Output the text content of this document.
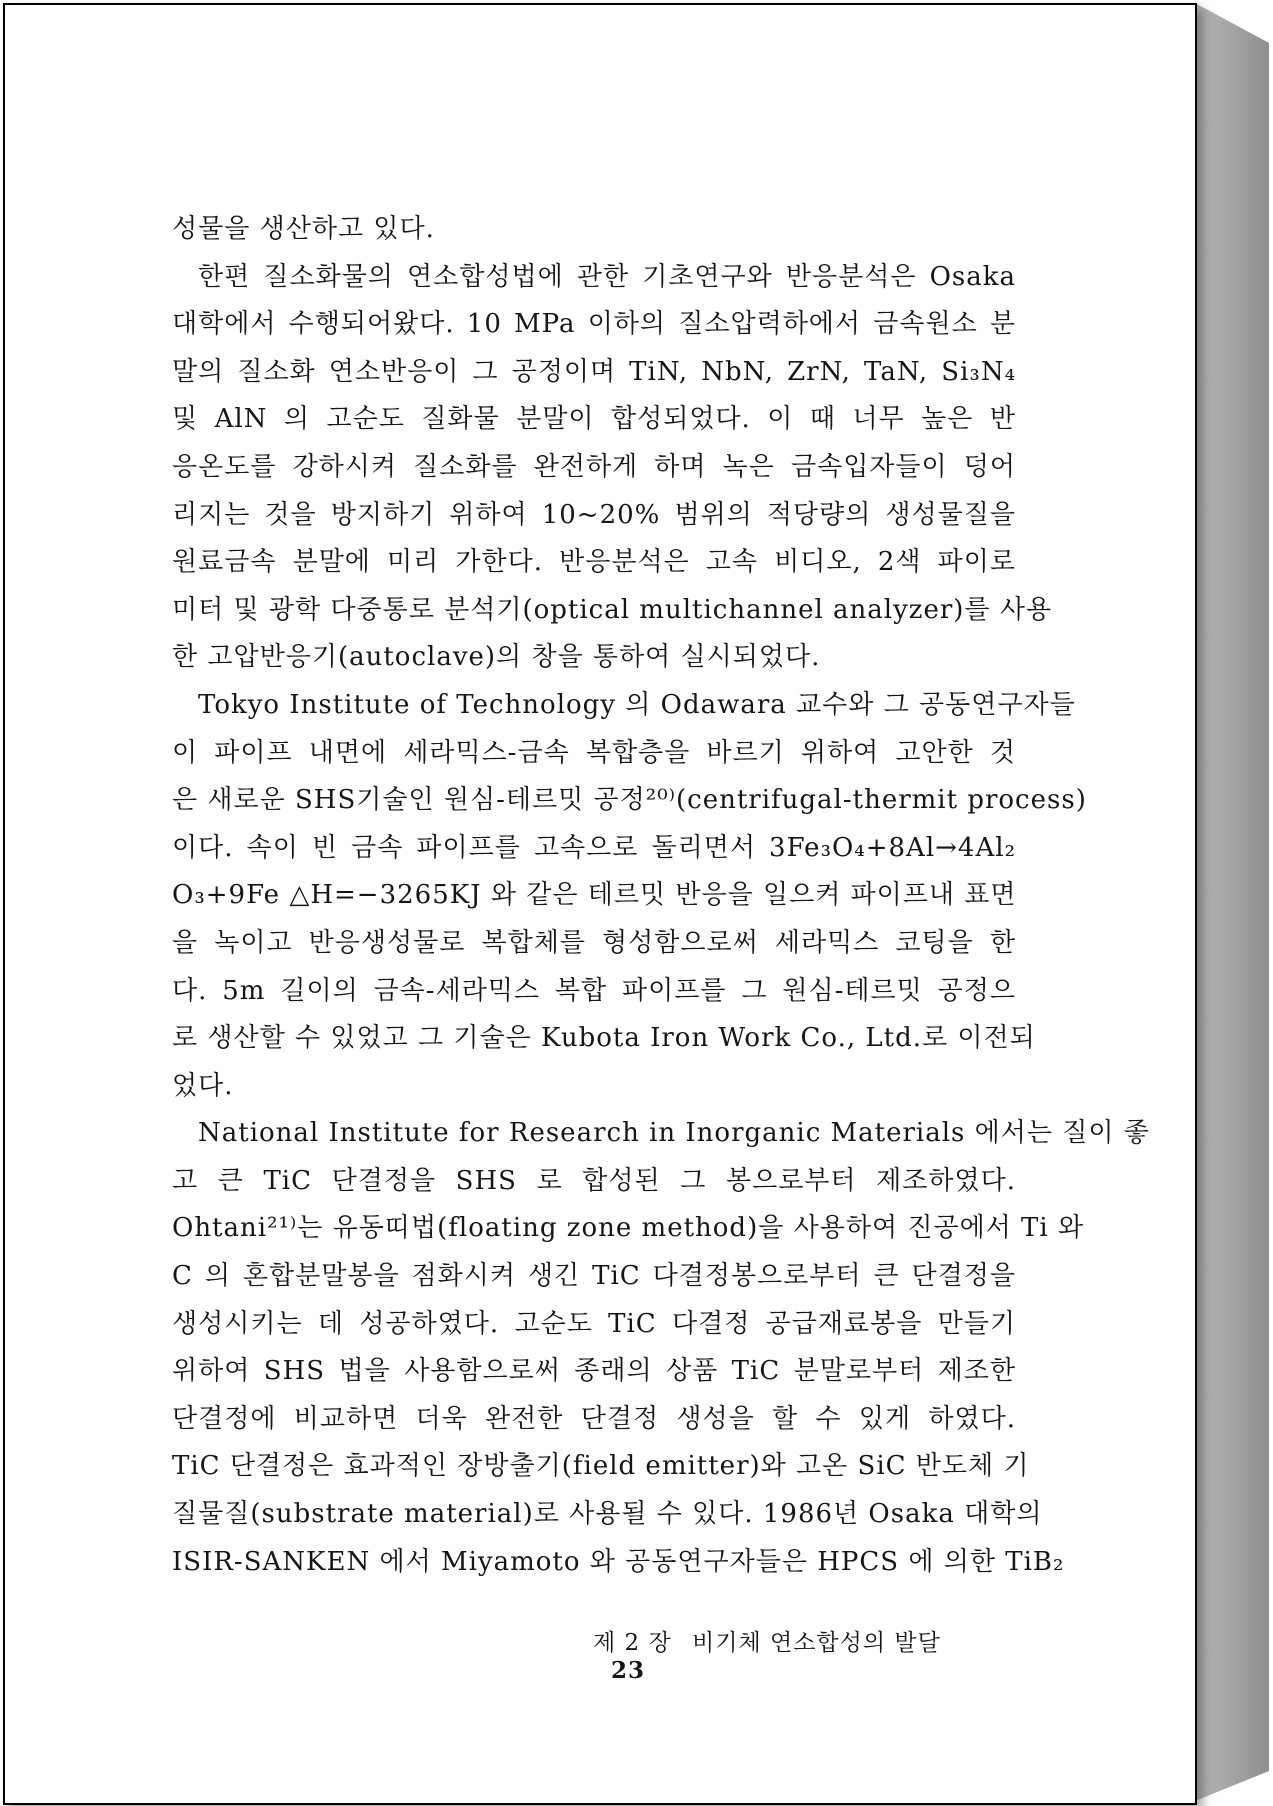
성물을 생산하고 있다.
한편 질소화물의 연소합성법에 관한 기초연구와 반응분석은 Osaka
대학에서 수행되어왔다. 10 MPa 이하의 질소압력하에서 금속원소 분
말의 질소화 연소반응이 그 공정이며 TiN, NbN, ZrN, TaN, Si₃N₄
및 AlN 의 고순도 질화물 분말이 합성되었다. 이 때 너무 높은 반
응온도를 강하시켜 질소화를 완전하게 하며 녹은 금속입자들이 덩어
리지는 것을 방지하기 위하여 10~20% 범위의 적당량의 생성물질을
원료금속 분말에 미리 가한다. 반응분석은 고속 비디오, 2색 파이로
미터 및 광학 다중통로 분석기(optical multichannel analyzer)를 사용
한 고압반응기(autoclave)의 창을 통하여 실시되었다.
Tokyo Institute of Technology 의 Odawara 교수와 그 공동연구자들
이 파이프 내면에 세라믹스-금속 복합층을 바르기 위하여 고안한 것
은 새로운 SHS기술인 원심-테르밋 공정²⁰⁾(centrifugal-thermit process)
이다. 속이 빈 금속 파이프를 고속으로 돌리면서 3Fe₃O₄+8Al→4Al₂
O₃+9Fe △H=−3265KJ 와 같은 테르밋 반응을 일으켜 파이프내 표면
을 녹이고 반응생성물로 복합체를 형성함으로써 세라믹스 코팅을 한
다. 5m 길이의 금속-세라믹스 복합 파이프를 그 원심-테르밋 공정으
로 생산할 수 있었고 그 기술은 Kubota Iron Work Co., Ltd.로 이전되
었다.
National Institute for Research in Inorganic Materials 에서는 질이 좋
고 큰 TiC 단결정을 SHS 로 합성된 그 봉으로부터 제조하였다.
Ohtani²¹⁾는 유동띠법(floating zone method)을 사용하여 진공에서 Ti 와
C 의 혼합분말봉을 점화시켜 생긴 TiC 다결정봉으로부터 큰 단결정을
생성시키는 데 성공하였다. 고순도 TiC 다결정 공급재료봉을 만들기
위하여 SHS 법을 사용함으로써 종래의 상품 TiC 분말로부터 제조한
단결정에 비교하면 더욱 완전한 단결정 생성을 할 수 있게 하였다.
TiC 단결정은 효과적인 장방출기(field emitter)와 고온 SiC 반도체 기
질물질(substrate material)로 사용될 수 있다. 1986년 Osaka 대학의
ISIR-SANKEN 에서 Miyamoto 와 공동연구자들은 HPCS 에 의한 TiB₂
제 2 장 비기체 연소합성의 발달 23
